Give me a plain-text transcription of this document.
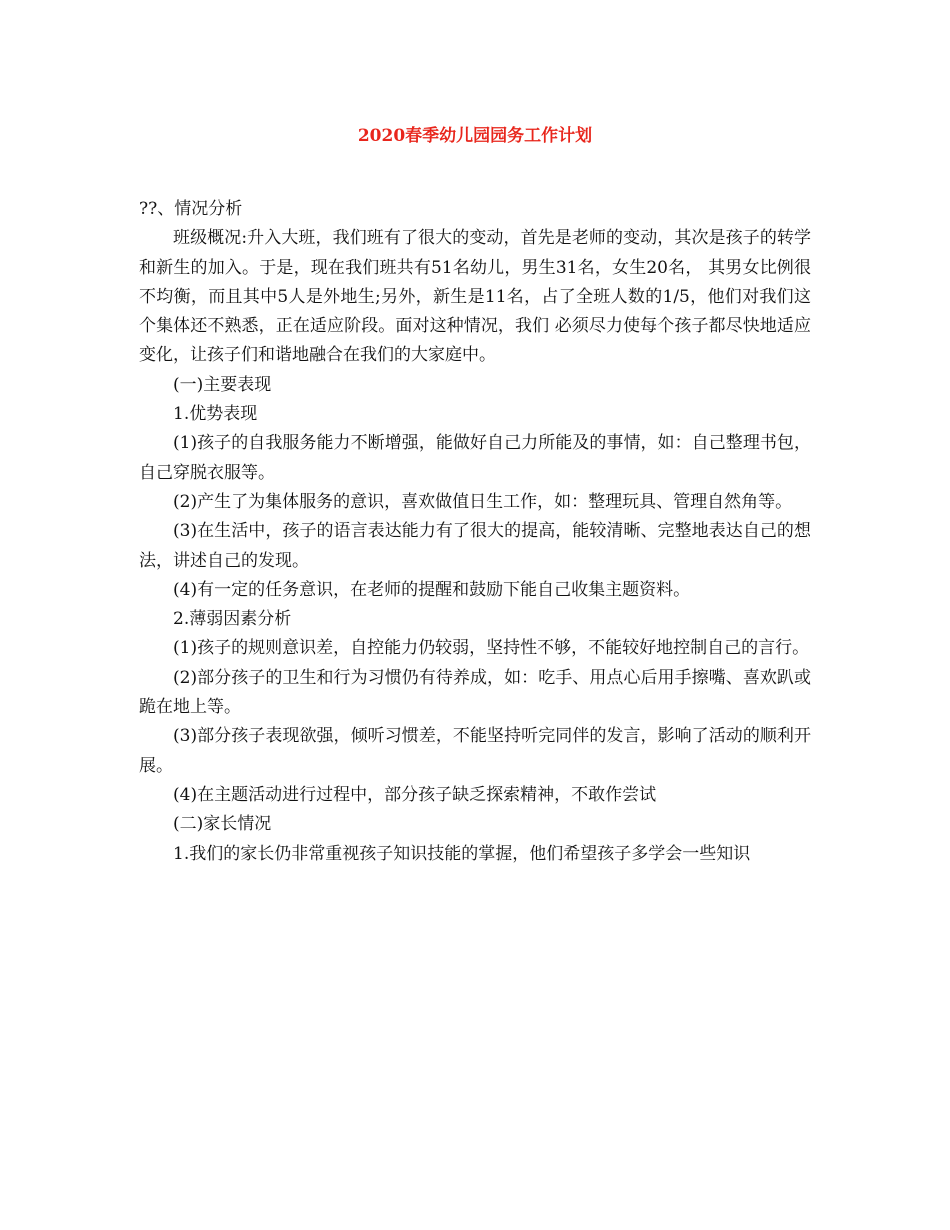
2020春季幼儿园园务工作计划

??、情况分析

班级概况:升入大班，我们班有了很大的变动，首先是老师的变动，其次是孩子的转学和新生的加入。于是，现在我们班共有51名幼儿，男生31名，女生20名， 其男女比例很不均衡，而且其中5人是外地生;另外，新生是11名，占了全班人数的1/5，他们对我们这个集体还不熟悉，正在适应阶段。面对这种情况，我们 必须尽力使每个孩子都尽快地适应变化，让孩子们和谐地融合在我们的大家庭中。

(一)主要表现

1.优势表现

(1)孩子的自我服务能力不断增强，能做好自己力所能及的事情，如：自己整理书包，自己穿脱衣服等。

(2)产生了为集体服务的意识，喜欢做值日生工作，如：整理玩具、管理自然角等。

(3)在生活中，孩子的语言表达能力有了很大的提高，能较清晰、完整地表达自己的想法，讲述自己的发现。

(4)有一定的任务意识，在老师的提醒和鼓励下能自己收集主题资料。

2.薄弱因素分析

(1)孩子的规则意识差，自控能力仍较弱，坚持性不够，不能较好地控制自己的言行。

(2)部分孩子的卫生和行为习惯仍有待养成，如：吃手、用点心后用手擦嘴、喜欢趴或跪在地上等。

(3)部分孩子表现欲强，倾听习惯差，不能坚持听完同伴的发言，影响了活动的顺利开展。

(4)在主题活动进行过程中，部分孩子缺乏探索精神，不敢作尝试

(二)家长情况

1.我们的家长仍非常重视孩子知识技能的掌握，他们希望孩子多学会一些知识
